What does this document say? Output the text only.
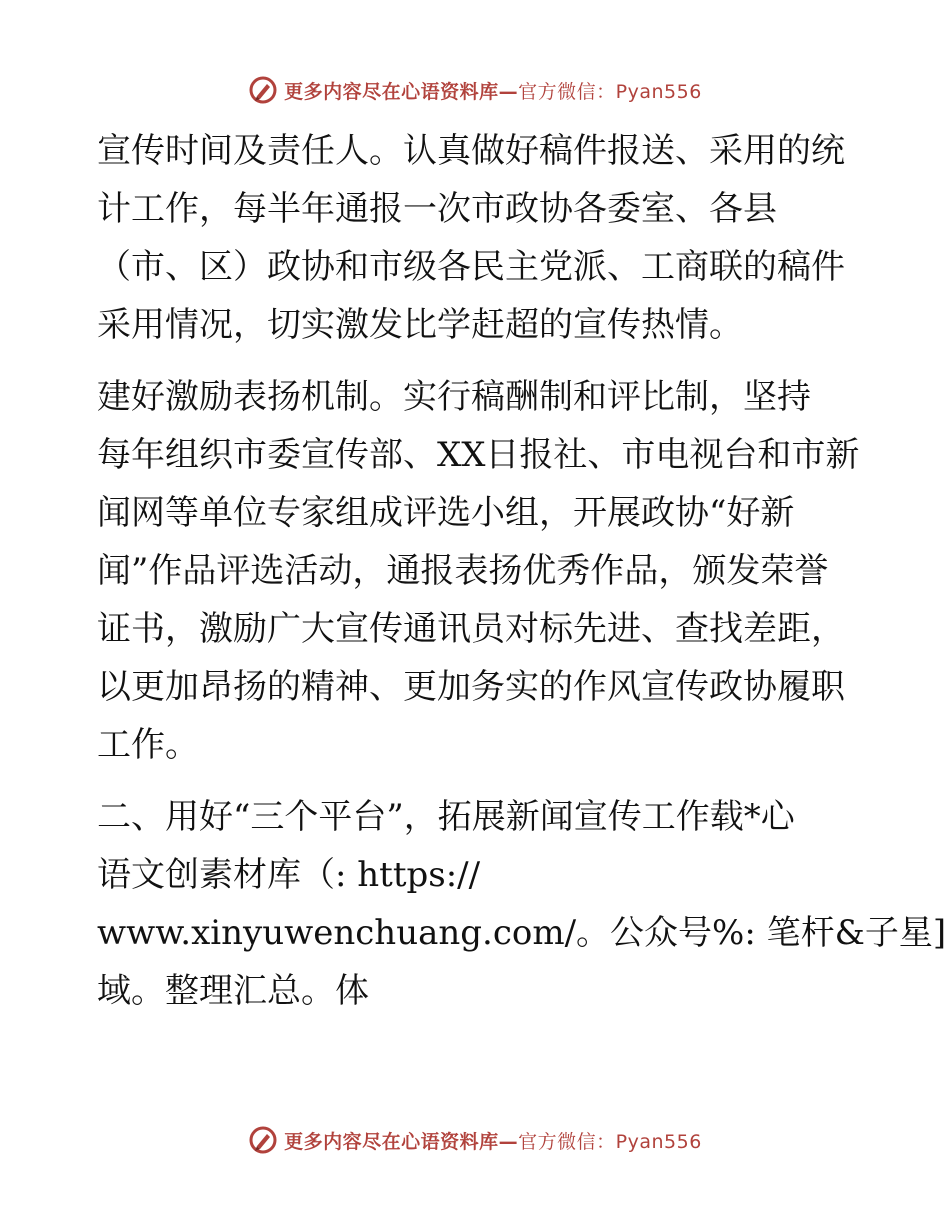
更多内容尽在心语资料库—官方微信：Pyan556

宣传时间及责任人。认真做好稿件报送、采用的统
计工作，每半年通报一次市政协各委室、各县
（市、区）政协和市级各民主党派、工商联的稿件
采用情况，切实激发比学赶超的宣传热情。

建好激励表扬机制。实行稿酬制和评比制，坚持
每年组织市委宣传部、XX日报社、市电视台和市新
闻网等单位专家组成评选小组，开展政协“好新
闻”作品评选活动，通报表扬优秀作品，颁发荣誉
证书，激励广大宣传通讯员对标先进、查找差距，
以更加昂扬的精神、更加务实的作风宣传政协履职
工作。

二、用好“三个平台”，拓展新闻宣传工作载*心
语文创素材库（: https://
www.xinyuwenchuang.com/。公众号%: 笔杆&子星]
域。整理汇总。体

更多内容尽在心语资料库—官方微信：Pyan556
